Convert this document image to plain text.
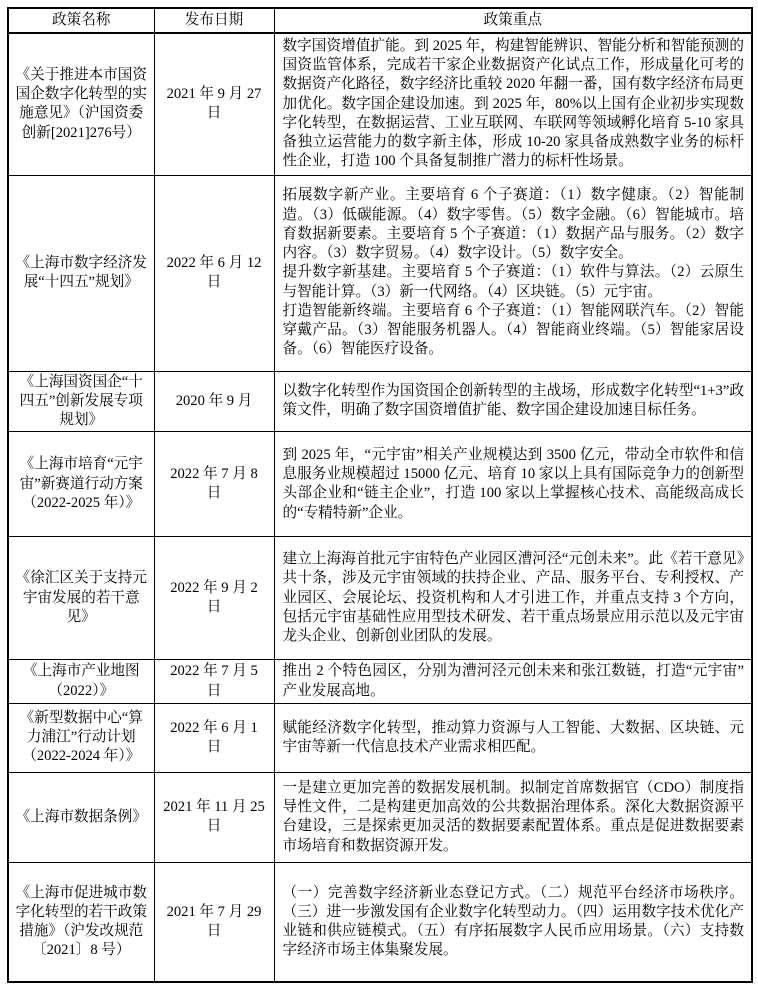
政策名称	发布日期	政策重点
《关于推进本市国资国企数字化转型的实施意见》（沪国资委创新[2021]276号）	2021 年 9 月 27 日	数字国资增值扩能。到 2025 年，构建智能辨识、智能分析和智能预测的国资监管体系，完成若干家企业数据资产化试点工作，形成量化可考的数据资产化路径，数字经济比重较 2020 年翻一番，国有数字经济布局更加优化。数字国企建设加速。到 2025 年，80%以上国有企业初步实现数字化转型，在数据运营、工业互联网、车联网等领域孵化培育 5-10 家具备独立运营能力的数字新主体，形成 10-20 家具备成熟数字业务的标杆性企业，打造 100 个具备复制推广潜力的标杆性场景。

《上海市数字经济发展“十四五”规划》	2022 年 6 月 12 日	拓展数字新产业。主要培育 6 个子赛道：（1）数字健康。（2）智能制造。（3）低碳能源。（4）数字零售。（5）数字金融。（6）智能城市。培育数据新要素。主要培育 5 个子赛道：（1）数据产品与服务。（2）数字内容。（3）数字贸易。（4）数字设计。（5）数字安全。
提升数字新基建。主要培育 5 个子赛道：（1）软件与算法。（2）云原生与智能计算。（3）新一代网络。（4）区块链。（5）元宇宙。
打造智能新终端。主要培育 6 个子赛道：（1）智能网联汽车。（2）智能穿戴产品。（3）智能服务机器人。（4）智能商业终端。（5）智能家居设备。（6）智能医疗设备。

《上海国资国企“十四五”创新发展专项规划》	2020 年 9 月	以数字化转型作为国资国企创新转型的主战场，形成数字化转型“1+3”政策文件，明确了数字国资增值扩能、数字国企建设加速目标任务。

《上海市培育“元宇宙”新赛道行动方案（2022-2025 年）》	2022 年 7 月 8 日	到 2025 年，“元宇宙”相关产业规模达到 3500 亿元，带动全市软件和信息服务业规模超过 15000 亿元、培育 10 家以上具有国际竞争力的创新型头部企业和“链主企业”，打造 100 家以上掌握核心技术、高能级高成长的“专精特新”企业。

《徐汇区关于支持元宇宙发展的若干意见》	2022 年 9 月 2 日	建立上海海首批元宇宙特色产业园区漕河泾“元创未来”。此《若干意见》共十条，涉及元宇宙领域的扶持企业、产品、服务平台、专利授权、产业园区、会展论坛、投资机构和人才引进工作，并重点支持 3 个方向，包括元宇宙基础性应用型技术研发、若干重点场景应用示范以及元宇宙龙头企业、创新创业团队的发展。

《上海市产业地图（2022）》	2022 年 7 月 5 日	推出 2 个特色园区，分别为漕河泾元创未来和张江数链，打造“元宇宙”产业发展高地。

《新型数据中心“算力浦江”行动计划（2022-2024 年）》	2022 年 6 月 1 日	赋能经济数字化转型，推动算力资源与人工智能、大数据、区块链、元宇宙等新一代信息技术产业需求相匹配。

《上海市数据条例》	2021 年 11 月 25 日	一是建立更加完善的数据发展机制。拟制定首席数据官（CDO）制度指导性文件，二是构建更加高效的公共数据治理体系。深化大数据资源平台建设，三是探索更加灵活的数据要素配置体系。重点是促进数据要素市场培育和数据资源开发。

《上海市促进城市数字化转型的若干政策措施》（沪发改规范〔2021〕8 号）	2021 年 7 月 29 日	（一）完善数字经济新业态登记方式。（二）规范平台经济市场秩序。（三）进一步激发国有企业数字化转型动力。（四）运用数字技术优化产业链和供应链模式。（五）有序拓展数字人民币应用场景。（六）支持数字经济市场主体集聚发展。
